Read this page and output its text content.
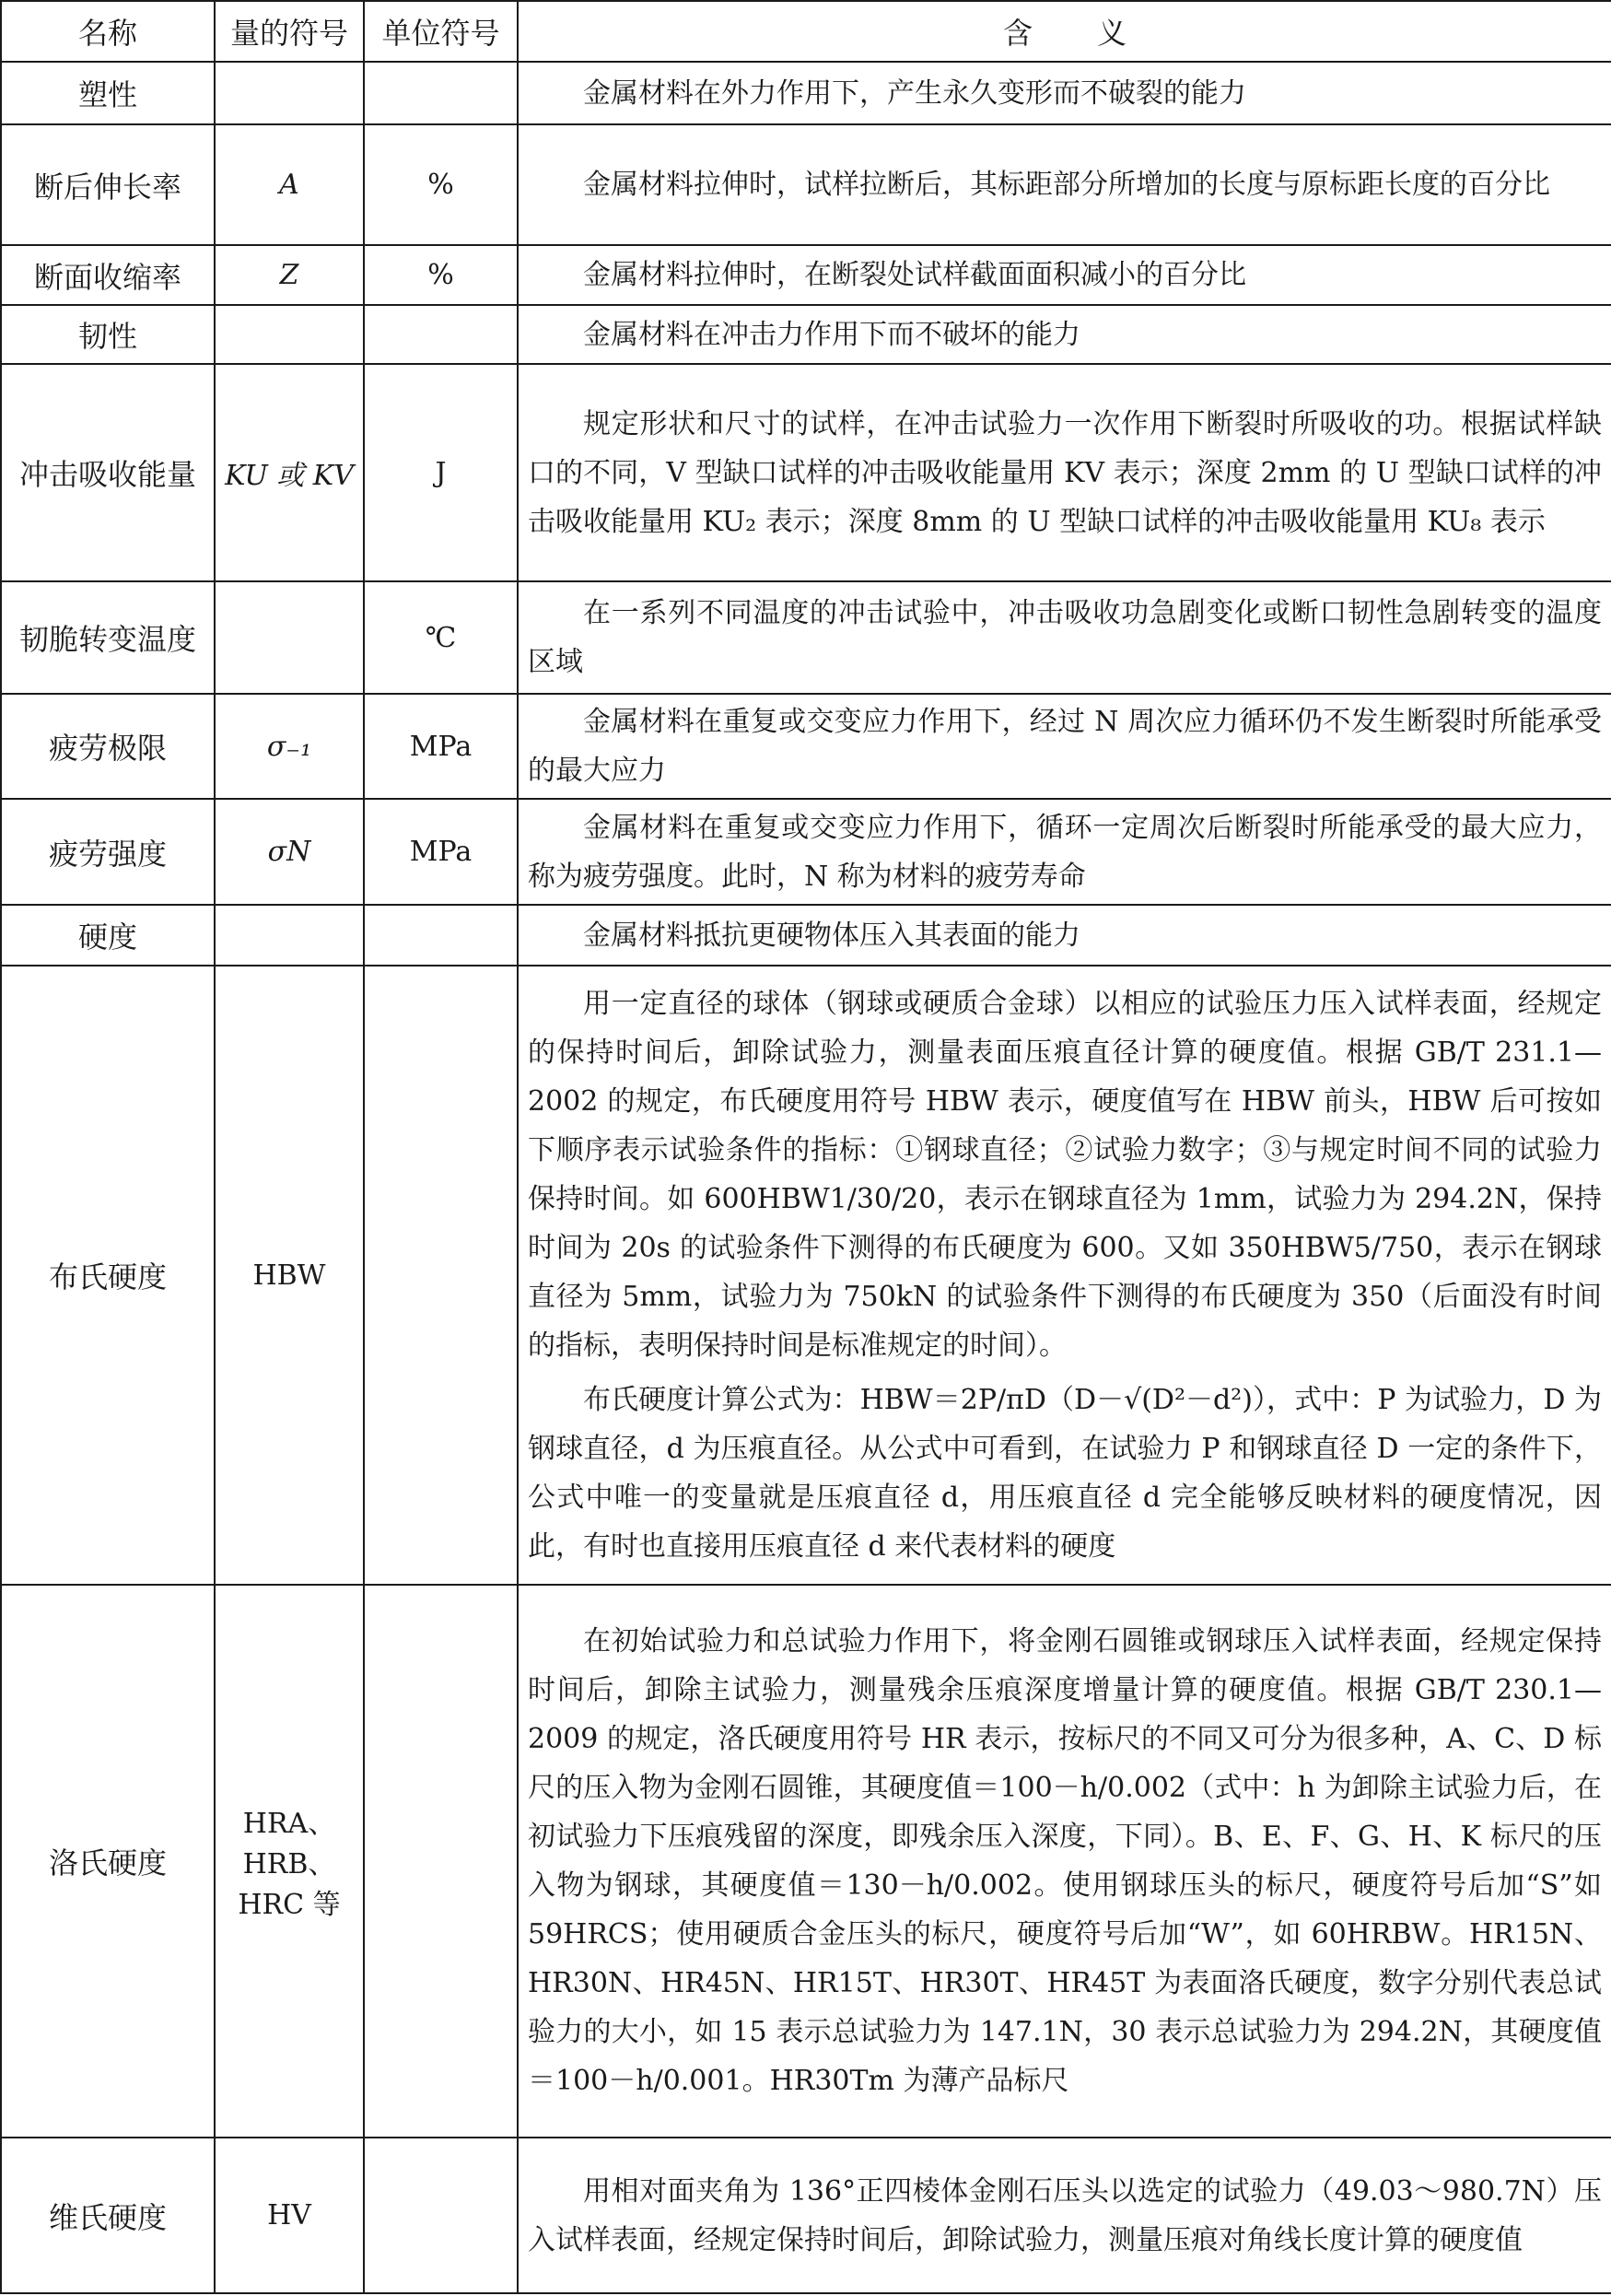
名称	量的符号	单位符号	含 义
塑性			金属材料在外力作用下，产生永久变形而不破裂的能力

断后伸长率	A	%	金属材料拉伸时，试样拉断后，其标距部分所增加的长度与原标距长度的百分比

断面收缩率	Z	%	金属材料拉伸时，在断裂处试样截面面积减小的百分比

韧性			金属材料在冲击力作用下而不破坏的能力

冲击吸收能量	KU 或 KV	J	规定形状和尺寸的试样，在冲击试验力一次作用下断裂时所吸收的功。根据试样缺口的不同，V 型缺口试样的冲击吸收能量用 KV 表示；深度 2mm 的 U 型缺口试样的冲击吸收能量用 KU₂ 表示；深度 8mm 的 U 型缺口试样的冲击吸收能量用 KU₈ 表示

韧脆转变温度		℃	在一系列不同温度的冲击试验中，冲击吸收功急剧变化或断口韧性急剧转变的温度区域

疲劳极限	σ₋₁	MPa	金属材料在重复或交变应力作用下，经过 N 周次应力循环仍不发生断裂时所能承受的最大应力

疲劳强度	σN	MPa	金属材料在重复或交变应力作用下，循环一定周次后断裂时所能承受的最大应力，称为疲劳强度。此时，N 称为材料的疲劳寿命

硬度			金属材料抵抗更硬物体压入其表面的能力

布氏硬度	HBW		用一定直径的球体（钢球或硬质合金球）以相应的试验压力压入试样表面，经规定的保持时间后，卸除试验力，测量表面压痕直径计算的硬度值。根据 GB/T 231.1—2002 的规定，布氏硬度用符号 HBW 表示，硬度值写在 HBW 前头，HBW 后可按如下顺序表示试验条件的指标：①钢球直径；②试验力数字；③与规定时间不同的试验力保持时间。如 600HBW1/30/20，表示在钢球直径为 1mm，试验力为 294.2N，保持时间为 20s 的试验条件下测得的布氏硬度为 600。又如 350HBW5/750，表示在钢球直径为 5mm，试验力为 750kN 的试验条件下测得的布氏硬度为 350（后面没有时间的指标，表明保持时间是标准规定的时间）。

布氏硬度计算公式为：HBW＝2P/πD（D－√(D²－d²)），式中：P 为试验力，D 为钢球直径，d 为压痕直径。从公式中可看到，在试验力 P 和钢球直径 D 一定的条件下，公式中唯一的变量就是压痕直径 d，用压痕直径 d 完全能够反映材料的硬度情况，因此，有时也直接用压痕直径 d 来代表材料的硬度

洛氏硬度	HRA、HRB、HRC 等		在初始试验力和总试验力作用下，将金刚石圆锥或钢球压入试样表面，经规定保持时间后，卸除主试验力，测量残余压痕深度增量计算的硬度值。根据 GB/T 230.1—2009 的规定，洛氏硬度用符号 HR 表示，按标尺的不同又可分为很多种，A、C、D 标尺的压入物为金刚石圆锥，其硬度值＝100－h/0.002（式中：h 为卸除主试验力后，在初试验力下压痕残留的深度，即残余压入深度，下同）。B、E、F、G、H、K 标尺的压入物为钢球，其硬度值＝130－h/0.002。使用钢球压头的标尺，硬度符号后加“S”如 59HRCS；使用硬质合金压头的标尺，硬度符号后加“W”，如 60HRBW。HR15N、HR30N、HR45N、HR15T、HR30T、HR45T 为表面洛氏硬度，数字分别代表总试验力的大小，如 15 表示总试验力为 147.1N，30 表示总试验力为 294.2N，其硬度值＝100－h/0.001。HR30Tm 为薄产品标尺

维氏硬度	HV		用相对面夹角为 136°正四棱体金刚石压头以选定的试验力（49.03～980.7N）压入试样表面，经规定保持时间后，卸除试验力，测量压痕对角线长度计算的硬度值
